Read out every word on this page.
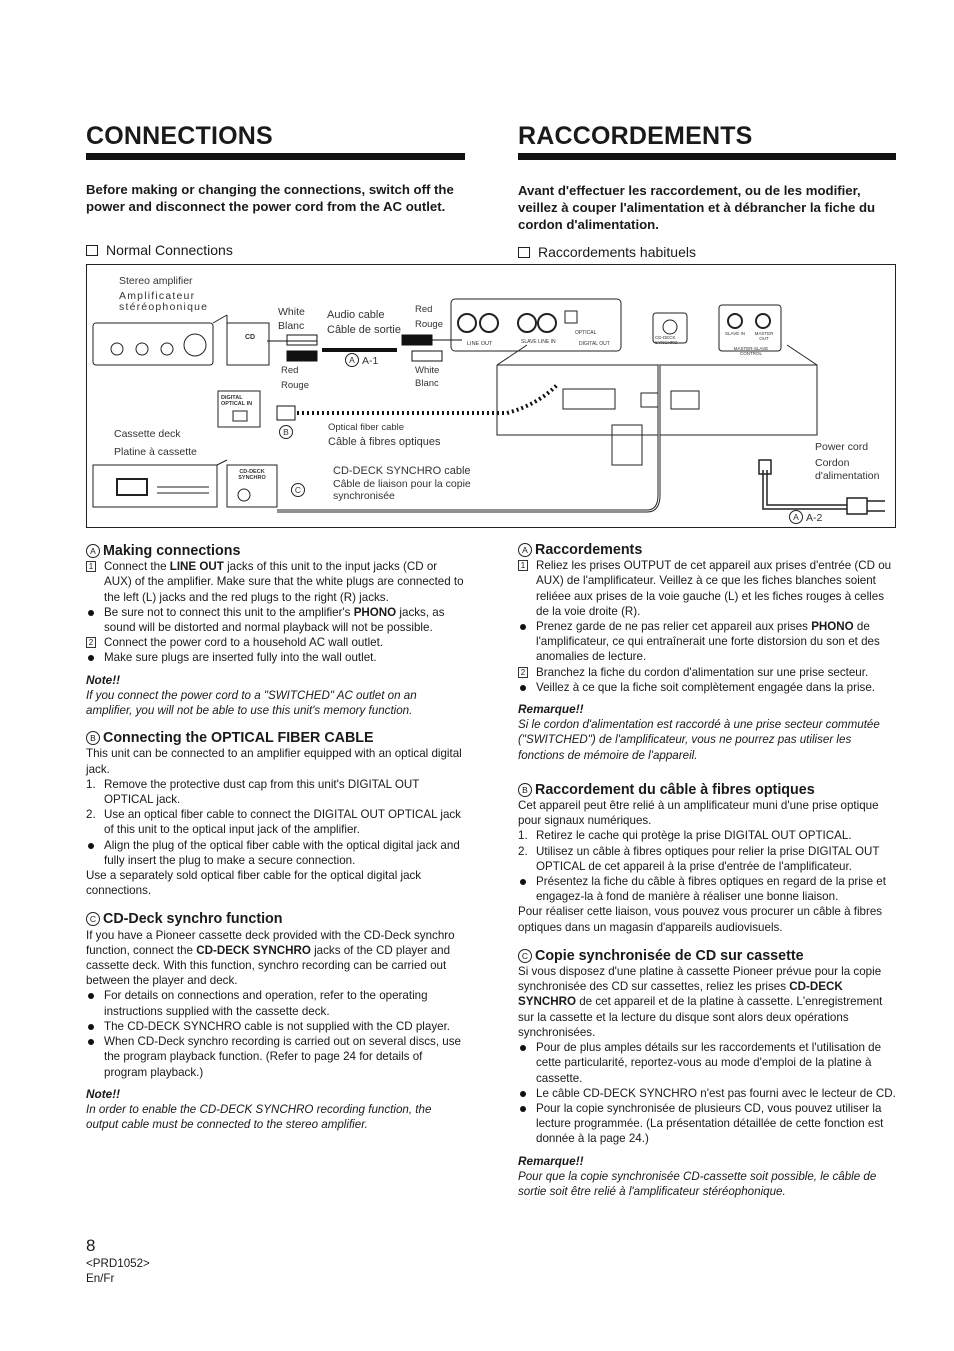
CONNECTIONS	RACCORDEMENTS
Before making or changing the connections, switch off the power and disconnect the power cord from the AC outlet.
Avant d'effectuer les raccordement, ou de les modifier, veillez à couper l'alimentation et à débrancher la fiche du cordon d'alimentation.
Normal Connections	Raccordements habituels
Stereo amplifier
Amplificateur stéréophonique	White
Blanc
Audio cable
Câble de sortie
Red
Rouge
CD
A A-1
Red
Rouge
White
Blanc
DIGITAL OPTICAL IN
Optical fiber cable
Câble à fibres optiques
B
Cassette deck
Platine à cassette
CD-DECK SYNCHRO
C
CD-DECK SYNCHRO cable
Câble de liaison pour la copie synchronisée
Power cord
Cordon d'alimentation
A A-2
LINE OUT	SLAVE LINE IN
OPTICAL
DIGITAL OUT
CD-DECK SYNCHRO
SLAVE IN	MASTER OUT
MASTER-SLAVE CONTROL
A Making connections
1 Connect the LINE OUT jacks of this unit to the input jacks (CD or AUX) of the amplifier. Make sure that the white plugs are connected to the left (L) jacks and the red plugs to the right (R) jacks.
Be sure not to connect this unit to the amplifier's PHONO jacks, as sound will be distorted and normal playback will not be possible.
2 Connect the power cord to a household AC wall outlet.
Make sure plugs are inserted fully into the wall outlet.
Note!!

If you connect the power cord to a "SWITCHED" AC outlet on an amplifier, you will not be able to use this unit's memory function.

B Connecting the OPTICAL FIBER CABLE

This unit can be connected to an amplifier equipped with an optical digital jack.

1. Remove the protective dust cap from this unit's DIGITAL OUT OPTICAL jack.
2. Use an optical fiber cable to connect the DIGITAL OUT OPTICAL jack of this unit to the optical input jack of the amplifier.
Align the plug of the optical fiber cable with the optical digital jack and fully insert the plug to make a secure connection.

Use a separately sold optical fiber cable for the optical digital jack connections.

C CD-Deck synchro function

If you have a Pioneer cassette deck provided with the CD-Deck synchro function, connect the CD-DECK SYNCHRO jacks of the CD player and cassette deck. With this function, synchro recording can be carried out between the player and deck.

For details on connections and operation, refer to the operating instructions supplied with the cassette deck.
The CD-DECK SYNCHRO cable is not supplied with the CD player.
When CD-Deck synchro recording is carried out on several discs, use the program playback function. (Refer to page 24 for details of program playback.)
Note!!

In order to enable the CD-DECK SYNCHRO recording function, the output cable must be connected to the stereo amplifier.

A Raccordements
1 Reliez les prises OUTPUT de cet appareil aux prises d'entrée (CD ou AUX) de l'amplificateur. Veillez à ce que les fiches blanches soient reliéee aux prises de la voie gauche (L) et les fiches rouges à celles de la voie droite (R).
Prenez garde de ne pas relier cet appareil aux prises PHONO de l'amplificateur, ce qui entraînerait une forte distorsion du son et des anomalies de lecture.
2 Branchez la fiche du cordon d'alimentation sur une prise secteur.
Veillez à ce que la fiche soit complètement engagée dans la prise.
Remarque!!

Si le cordon d'alimentation est raccordé à une prise secteur commutée ("SWITCHED") de l'amplificateur, vous ne pourrez pas utiliser les fonctions de mémoire de l'appareil.

B Raccordement du câble à fibres optiques

Cet appareil peut être relié à un amplificateur muni d'une prise optique pour signaux numériques.

1. Retirez le cache qui protège la prise DIGITAL OUT OPTICAL.
2. Utilisez un câble à fibres optiques pour relier la prise DIGITAL OUT OPTICAL de cet appareil à la prise d'entrée de l'amplificateur.
Présentez la fiche du câble à fibres optiques en regard de la prise et engagez-la à fond de manière à réaliser une bonne liaison.

Pour réaliser cette liaison, vous pouvez vous procurer un câble à fibres optiques dans un magasin d'appareils audiovisuels.

C Copie synchronisée de CD sur cassette

Si vous disposez d'une platine à cassette Pioneer prévue pour la copie synchronisée des CD sur cassettes, reliez les prises CD-DECK SYNCHRO de cet appareil et de la platine à cassette. L'enregistrement sur la cassette et la lecture du disque sont alors deux opérations synchronisées.

Pour de plus amples détails sur les raccordements et l'utilisation de cette particularité, reportez-vous au mode d'emploi de la platine à cassette.
Le câble CD-DECK SYNCHRO n'est pas fourni avec le lecteur de CD.
Pour la copie synchronisée de plusieurs CD, vous pouvez utiliser la lecture programmée. (La présentation détaillée de cette fonction est donnée à la page 24.)
Remarque!!

Pour que la copie synchronisée CD-cassette soit possible, le câble de sortie soit être relié à l'amplificateur stéréophonique.

8
<PRD1052>
En/Fr
